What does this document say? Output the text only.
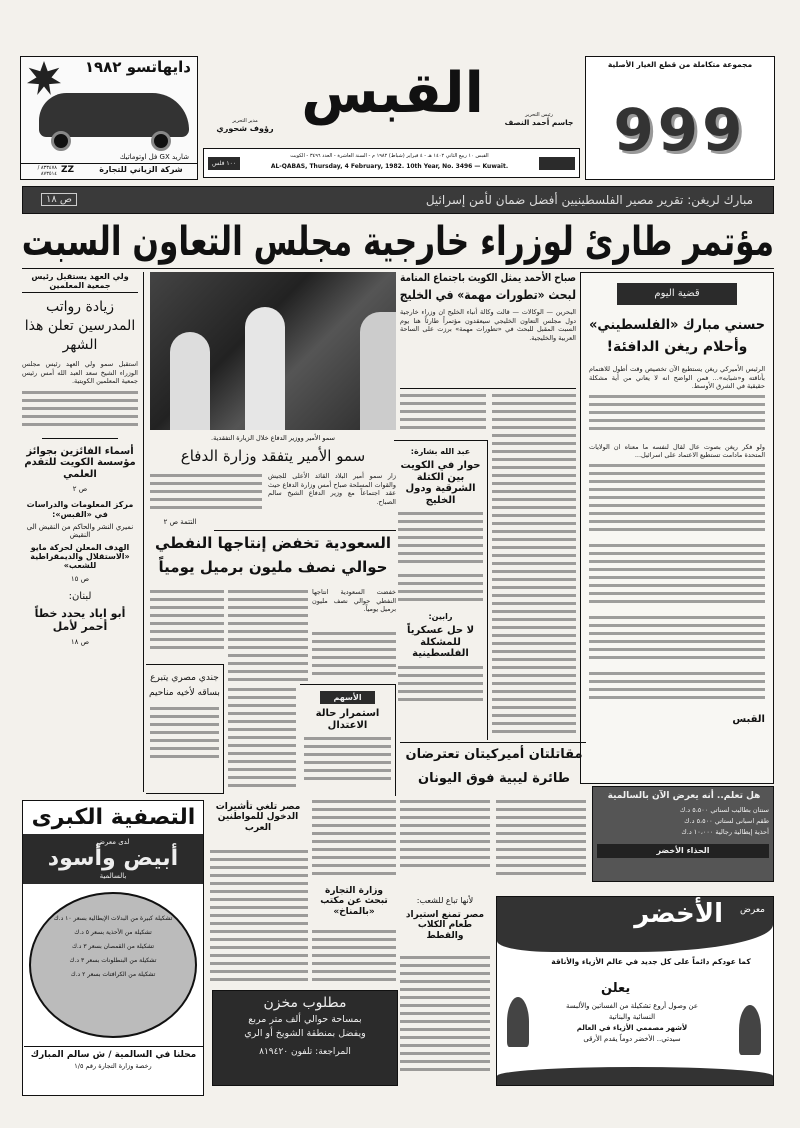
دايهاتسو ١٩٨٢
شاريد GX فل اوتوماتيك
شركة الزياني للتجارة
ZZ
٨٣٣٤٧٨ / ٨٧٣٥١٤
مدير التحرير
رؤوف شحوري
القبس	رئيس التحرير
جاسم أحمد النصف
١٠٠ فلس
القبس ١٠ ربيع الثاني ١٤٠٢ هـ - ٤ فبراير (شباط) ١٩٨٢ م - السنة العاشرة - العدد ٣٤٩٦ - الكويت
AL-QABAS, Thursday, 4 February, 1982. 10th Year, No. 3496 — Kuwait.
مجموعة متكاملة من قطع الغيار الأصلية
999
مبارك لريغن: تقرير مصير الفلسطينيين أفضل ضمان لأمن إسرائيل
ص ١٨
مؤتمر طارئ لوزراء خارجية مجلس التعاون السبت
قضية اليوم
حسني مبارك «الفلسطيني»
وأحلام ريغن الدافئة!
الرئيس الأميركي ريغن يستطيع الآن تخصيص وقت أطول للاهتمام بأناقته و«شبابه»... فمن الواضح انه لا يعاني من أية مشكلة حقيقية في الشرق الأوسط.
ولو فكر ريغن بصوت عال لقال لنفسه ما معناه ان الولايات المتحدة مادامت تستطيع الاعتماد على اسرائيل...
القبس
صباح الأحمد يمثل الكويت باجتماع المنامة
لبحث «تطورات مهمة» في الخليج
البحرين — الوكالات — قالت وكالة أنباء الخليج ان وزراء خارجية دول مجلس التعاون الخليجي سيعقدون مؤتمراً طارئاً هنا يوم السبت المقبل للبحث في «تطورات مهمة» برزت على الساحة العربية والخليجية.
عبد الله بشارة:
حوار في الكويت بين الكتلة الشرقية ودول الخليج
رابين:
لا حل عسكرياً للمشكلة الفلسطينية
ولي العهد يستقبل رئيس جمعية المعلمين
زيادة رواتب المدرسين تعلن هذا الشهر
استقبل سمو ولي العهد رئيس مجلس الوزراء الشيخ سعد العبد الله أمس رئيس جمعية المعلمين الكويتية.
أسماء الفائزين بجوائز مؤسسة الكويت للتقدم العلمي
ص ٢
مركز المعلومات والدراسات في «القبس»:
نميري النشر والحاكم من النقيض الى النقيض
الهدف المعلن لحركة مايو «الاستقلال والديمقراطية للشعب»
ص ١٥
لبنان:
أبو اياد يحدد خطاً أحمر لأمل
ص ١٨
سمو الأمير ووزير الدفاع خلال الزيارة التفقدية.
سمو الأمير يتفقد وزارة الدفاع
زار سمو أمير البلاد القائد الأعلى للجيش والقوات المسلحة صباح أمس وزارة الدفاع حيث عقد اجتماعاً مع وزير الدفاع الشيخ سالم الصباح.
التتمة ص ٢
السعودية تخفض إنتاجها النفطي
حوالي نصف مليون برميل يومياً
خفضت السعودية انتاجها النفطي حوالي نصف مليون برميل يومياً.
جندي مصري يتبرع بساقه لأخيه مناحيم	الأسهم
استمرار حالة الاعتدال
مصر تلغي تأشيرات الدخول للمواطنين العرب
وزارة التجارة تبحث عن مكتب «بالمناخ»
مقاتلتان أميركيتان تعترضان
طائرة ليبية فوق اليونان
لأنها تباع للشعب:
مصر تمنع استيراد طعام الكلاب والقطط
هل تعلم.. أنه يعرض الآن بالسالمية
سنتان بطاليب لسناتي ٥،٥٠٠ د.ك
طقم اسبانى لستاتي ٥،٥٠٠ د.ك
أحذية إيطالية رجالية ١٠،٠٠٠ د.ك
الحذاء الأخضر
التصفية الكبرى
لدى معرض
أبيض وأسود
بالسالمية
تشكيلة كبيرة من البدلات الإيطالية بسعر ١٠ د.ك
تشكيلة من الأحذية بسعر ٥ د.ك
تشكيلة من القمصان بسعر ٣ د.ك
تشكيلة من البنطلونات بسعر ٣ د.ك
تشكيلة من الكرافتات بسعر ٢ د.ك
محلنا في السالمية / ش سالم المبارك
رخصة وزارة التجارة رقم ١/٥
مطلوب مخزن
بمساحة حوالي ألف متر مربع
ويفضل بمنطقة الشويخ أو الري
المراجعة: تلفون ٨١٩٤٢٠
معرض
الأخضر
كما عودكم دائماً على كل جديد في عالم الأزياء والأناقة
يعلن
عن وصول أروع تشكيلة من الفساتين والألبسة
النسائية والبناتية
لأشهر مصممي الأزياء في العالم
سيدتي.. الأخضر دوماً يقدم الأرقى
